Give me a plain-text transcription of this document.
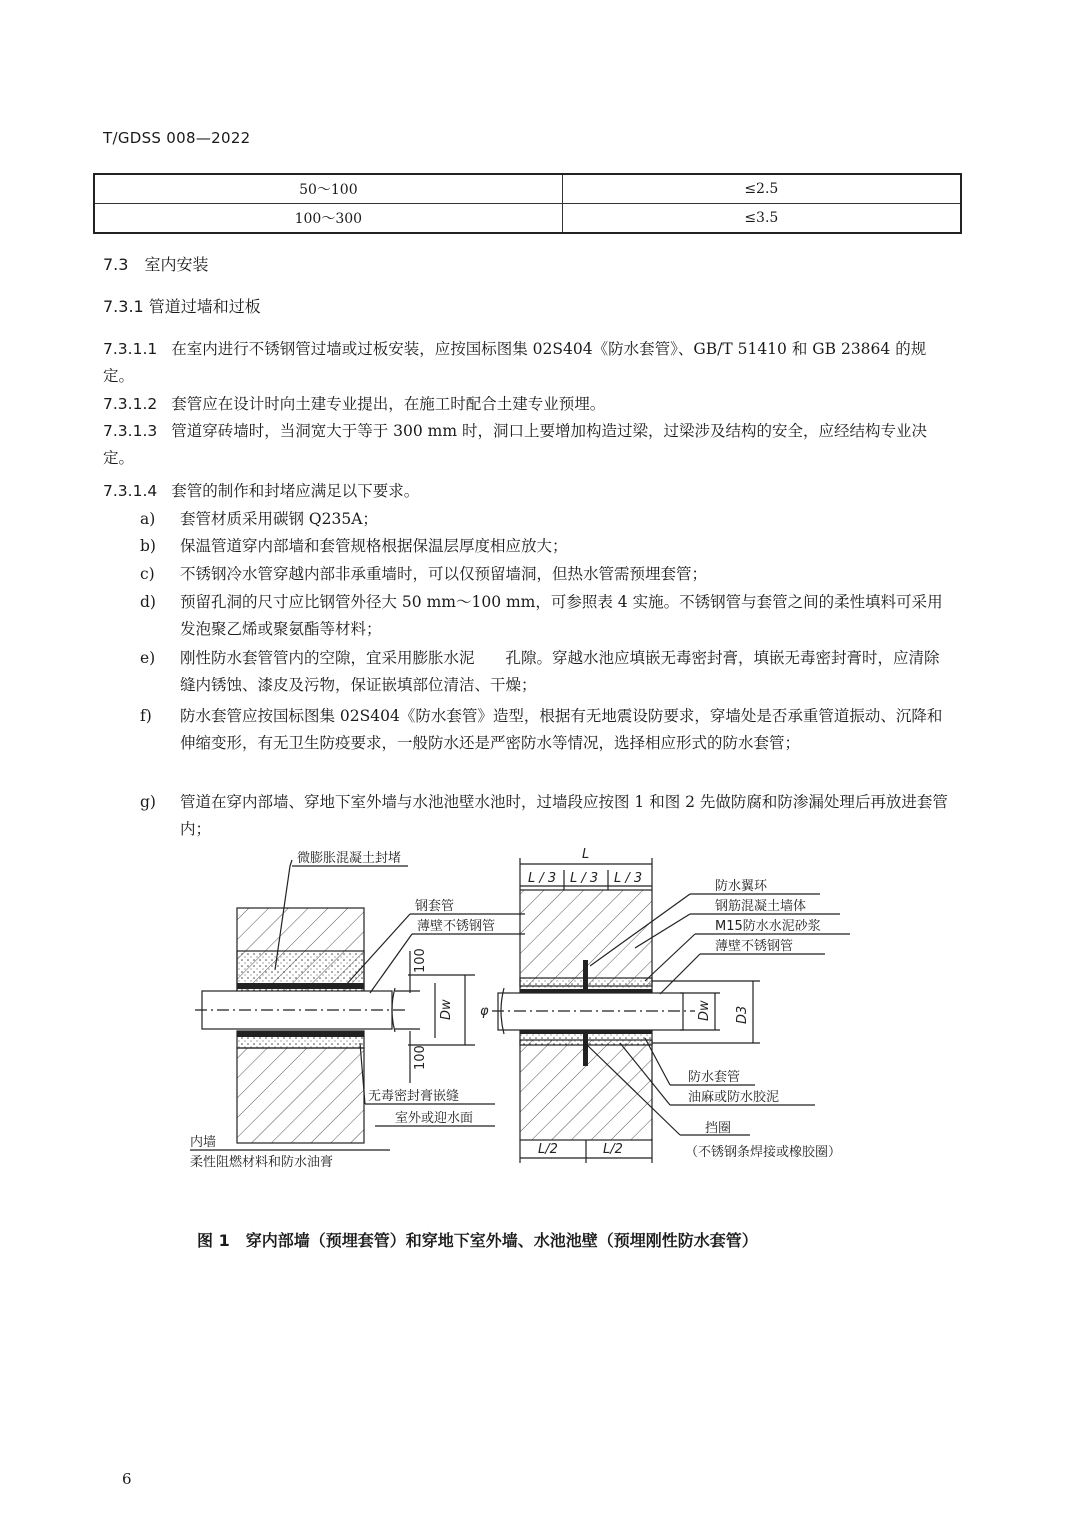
T/GDSS 008—2022
50～100	≤2.5
100～300	≤3.5
7.3　室内安装
7.3.1 管道过墙和过板
7.3.1.1 在室内进行不锈钢管过墙或过板安装，应按国标图集 02S404《防水套管》、GB/T 51410 和 GB 23864 的规定。
7.3.1.2 套管应在设计时向土建专业提出，在施工时配合土建专业预埋。
7.3.1.3 管道穿砖墙时，当洞宽大于等于 300 mm 时，洞口上要增加构造过梁，过梁涉及结构的安全，应经结构专业决定。
7.3.1.4 套管的制作和封堵应满足以下要求。
a) 套管材质采用碳钢 Q235A；
b) 保温管道穿内部墙和套管规格根据保温层厚度相应放大；
c) 不锈钢冷水管穿越内部非承重墙时，可以仅预留墙洞，但热水管需预埋套管；
d) 预留孔洞的尺寸应比钢管外径大 50 mm～100 mm，可参照表 4 实施。不锈钢管与套管之间的柔性填料可采用发泡聚乙烯或聚氨酯等材料；
e) 刚性防水套管管内的空隙，宜采用膨胀水泥　　孔隙。穿越水池应填嵌无毒密封膏，填嵌无毒密封膏时，应清除缝内锈蚀、漆皮及污物，保证嵌填部位清洁、干燥；
f) 防水套管应按国标图集 02S404《防水套管》造型，根据有无地震设防要求，穿墙处是否承重管道振动、沉降和伸缩变形，有无卫生防疫要求，一般防水还是严密防水等情况，选择相应形式的防水套管；
g) 管道在穿内部墙、穿地下室外墙与水池池壁水池时，过墙段应按图 1 和图 2 先做防腐和防渗漏处理后再放进套管内；
100
100
Dw φ
微膨胀混凝土封堵
钢套管
薄壁不锈钢管
无毒密封膏嵌缝
室外或迎水面
内墙
柔性阻燃材料和防水油膏
L
L / 3 L / 3 L / 3
L/2	L/2
Dw D3
防水翼环
钢筋混凝土墙体
M15防水水泥砂浆
薄壁不锈钢管
防水套管
油麻或防水胶泥
挡圈
（不锈钢条焊接或橡胶圈）
图 1　穿内部墙（预埋套管）和穿地下室外墙、水池池壁（预埋刚性防水套管）
6
